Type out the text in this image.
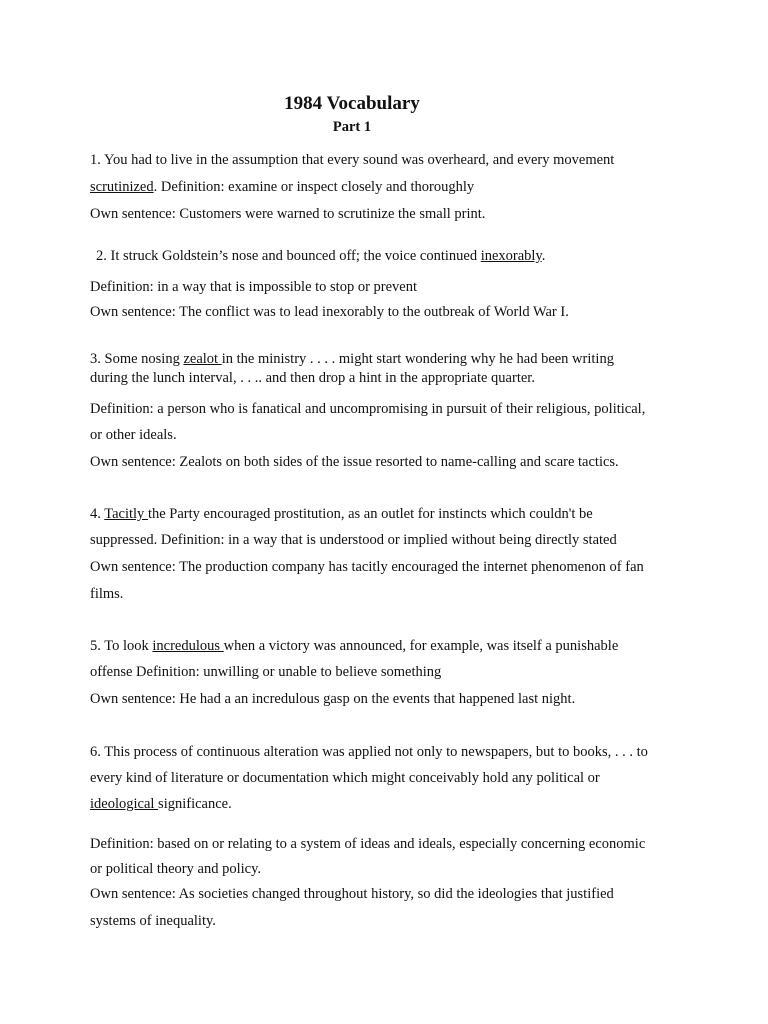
1984 Vocabulary
Part 1
1. You had to live in the assumption that every sound was overheard, and every movement
scrutinized. Definition: examine or inspect closely and thoroughly
Own sentence: Customers were warned to scrutinize the small print.
2. It struck Goldstein’s nose and bounced off; the voice continued inexorably.
Definition: in a way that is impossible to stop or prevent
Own sentence: The conflict was to lead inexorably to the outbreak of World War I.
3. Some nosing zealot in the ministry . . . . might start wondering why he had been writing
during the lunch interval, . . .. and then drop a hint in the appropriate quarter.
Definition: a person who is fanatical and uncompromising in pursuit of their religious, political,
or other ideals.
Own sentence: Zealots on both sides of the issue resorted to name-calling and scare tactics.
4. Tacitly the Party encouraged prostitution, as an outlet for instincts which couldn't be
suppressed. Definition: in a way that is understood or implied without being directly stated
Own sentence: The production company has tacitly encouraged the internet phenomenon of fan
films.
5. To look incredulous when a victory was announced, for example, was itself a punishable
offense Definition: unwilling or unable to believe something
Own sentence: He had a an incredulous gasp on the events that happened last night.
6. This process of continuous alteration was applied not only to newspapers, but to books, . . . to
every kind of literature or documentation which might conceivably hold any political or
ideological significance.
Definition: based on or relating to a system of ideas and ideals, especially concerning economic
or political theory and policy.
Own sentence: As societies changed throughout history, so did the ideologies that justified
systems of inequality.
